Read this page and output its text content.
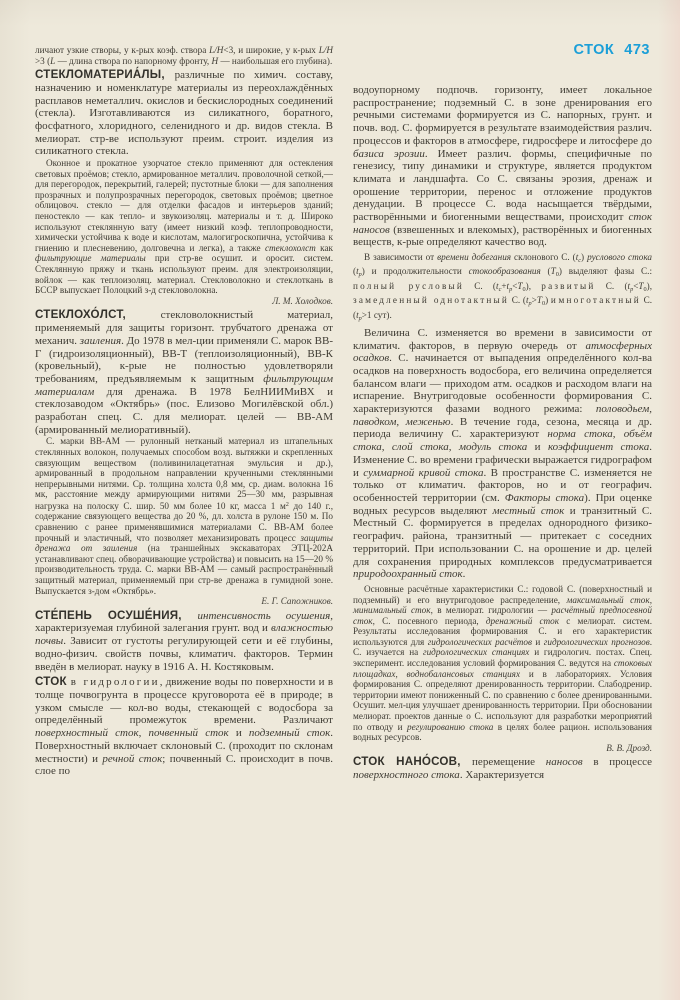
СТОК 473

личают узкие створы, у к-рых коэф. створа L/H<3, и широкие, у к-рых L/H >3 (L — длина створа по напорному фронту, H — наибольшая его глубина).

СТЕКЛОМАТЕРИА́ЛЫ, различные по химич. составу, назначению и номенклатуре материалы из переохлаждённых расплавов неметаллич. окислов и бескислородных соединений (стекла). Изготавливаются из силикатного, боратного, фосфатного, хлоридного, селенидного и др. видов стекла. В мелиорат. стр-ве используют преим. строит. изделия из силикатного стекла.

Оконное и прокатное узорчатое стекло применяют для остекления световых проёмов; стекло, армированное металлич. проволочной сеткой,— для перегородок, перекрытий, галерей; пустотные блоки — для заполнения прозрачных и полупрозрачных перегородок, световых проёмов; цветное облицовоч. стекло — для отделки фасадов и интерьеров зданий; пеностекло — как тепло- и звукоизоляц. материалы и т. д. Широко используют стеклянную вату (имеет низкий коэф. теплопроводности, химически устойчива к воде и кислотам, малогигроскопична, устойчива к гниению и плесневению, долговечна и легка), а также стеклохолст как фильтрующие материалы при стр-ве осушит. и оросит. систем. Стеклянную пряжу и ткань используют преим. для электроизоляции, войлок — как теплоизоляц. материал. Стекловолокно и стеклоткань в БССР выпускает Полоцкий з-д стекловолокна.

Л. М. Холодков.

СТЕКЛОХО́ЛСТ, стекловолокнистый материал, применяемый для защиты горизонт. трубчатого дренажа от механич. заиления. До 1978 в мел-ции применяли С. марок ВВ-Г (гидроизоляционный), ВВ-Т (теплоизоляционный), ВВ-К (кровельный), к-рые не полностью удовлетворяли требованиям, предъявляемым к защитным фильтрующим материалам для дренажа. В 1978 БелНИИМиВХ и стеклозаводом «Октябрь» (пос. Елизово Могилёвской обл.) разработан спец. С. для мелиорат. целей — ВВ-АМ (армированный мелиоративный).

С. марки ВВ-АМ — рулонный нетканый материал из штапельных стеклянных волокон, получаемых способом возд. вытяжки и скрепленных связующим веществом (поливинилацетатная эмульсия и др.), армированный в продольном направлении крученными стеклянными непрерывными нитями. Ср. толщина холста 0,8 мм, ср. диам. волокна 16 мк, расстояние между армирующими нитями 25—30 мм, разрывная нагрузка на полоску С. шир. 50 мм более 10 кг, масса 1 $м^2$ до 140 г., содержание связующего вещества до 20 %, дл. холста в рулоне 150 м. По сравнению с ранее применявшимися материалами С. ВВ-АМ более прочный и эластичный, что позволяет механизировать процесс защиты дренажа от заиления (на траншейных экскаваторах ЭТЦ-202А устанавливают спец. обворачивающие устройства) и повысить на 15—20 % производительность труда. С. марки ВВ-АМ — самый распространённый защитный материал, применяемый при стр-ве дренажа в гумидной зоне. Выпускается з-дом «Октябрь».

Е. Г. Сапожников.

СТЕ́ПЕНЬ ОСУШЕ́НИЯ, интенсивность осушения, характеризуемая глубиной залегания грунт. вод и влажностью почвы. Зависит от густоты регулирующей сети и её глубины, водно-физич. свойств почвы, климатич. факторов. Термин введён в мелиорат. науку в 1916 А. Н. Костяковым.

СТОК в гидрологии, движение воды по поверхности и в толще почвогрунта в процессе круговорота её в природе; в узком смысле — кол-во воды, стекающей с водосбора за определённый промежуток времени. Различают поверхностный сток, почвенный сток и подземный сток. Поверхностный включает склоновый С. (проходит по склонам местности) и речной сток; почвенный С. происходит в почв. слое по

водоупорному подпочв. горизонту, имеет локальное распространение; подземный С. в зоне дренирования его речными системами формируется из С. напорных, грунт. и почв. вод. С. формируется в результате взаимодействия различ. процессов и факторов в атмосфере, гидросфере и литосфере до базиса эрозии. Имеет различ. формы, специфичные по генезису, типу динамики и структуре, является продуктом климата и ландшафта. Со С. связаны эрозия, дренаж и орошение территории, перенос и отложение продуктов денудации. В процессе С. вода насыщается твёрдыми, растворёнными и биогенными веществами, происходит сток наносов (взвешенных и влекомых), растворённых и биогенных веществ, к-рые определяют качество вод.

В зависимости от времени добегания склонового С. $(t_с)$ руслового стока $(t_р)$ и продолжительности стокообразования $(T_0)$ выделяют фазы С.: полный русловый С. $(t_с+t_р<T_0)$, развитый С. $(t_р<T_0)$, замедленный однотактный С. $(t_р>T_0)$ и многотактный С. ($t_р>1$ сут).

Величина С. изменяется во времени в зависимости от климатич. факторов, в первую очередь от атмосферных осадков. С. начинается от выпадения определённого кол-ва осадков на поверхность водосбора, его величина определяется балансом влаги — приходом атм. осадков и расходом влаги на испарение. Внутригодовые особенности формирования С. характеризуются фазами водного режима: половодьем, паводком, меженью. В течение года, сезона, месяца и др. периода величину С. характеризуют норма стока, объём стока, слой стока, модуль стока и коэффициент стока. Изменение С. во времени графически выражается гидрографом и суммарной кривой стока. В пространстве С. изменяется не только от климатич. факторов, но и от географич. особенностей территории (см. Факторы стока). При оценке водных ресурсов выделяют местный сток и транзитный С. Местный С. формируется в пределах однородного физико-географич. района, транзитный — притекает с соседних территорий. При использовании С. на орошение и др. целей для сохранения природных комплексов предусматривается природоохранный сток.

Основные расчётные характеристики С.: годовой С. (поверхностный и подземный) и его внутригодовое распределение, максимальный сток, минимальный сток, в мелиорат. гидрологии — расчётный предпосевной сток, С. посевного периода, дренажный сток с мелиорат. систем. Результаты исследования формирования С. и его характеристик используются для гидрологических расчётов и гидрологических прогнозов. С. изучается на гидрологических станциях и гидрологич. постах. Спец. эксперимент. исследования условий формирования С. ведутся на стоковых площадках, воднобалансовых станциях и в лабораториях. Условия формирования С. определяют дренированность территории. Слабодренир. территории имеют пониженный С. по сравнению с более дренированными. Осушит. мел-ция улучшает дренированность территории. При обосновании мелиорат. проектов данные о С. используют для разработки мероприятий по отводу и регулированию стока в целях более рацион. использования водных ресурсов.

В. В. Дрозд.

СТОК НАНО́СОВ, перемещение наносов в процессе поверхностного стока. Характеризуется
